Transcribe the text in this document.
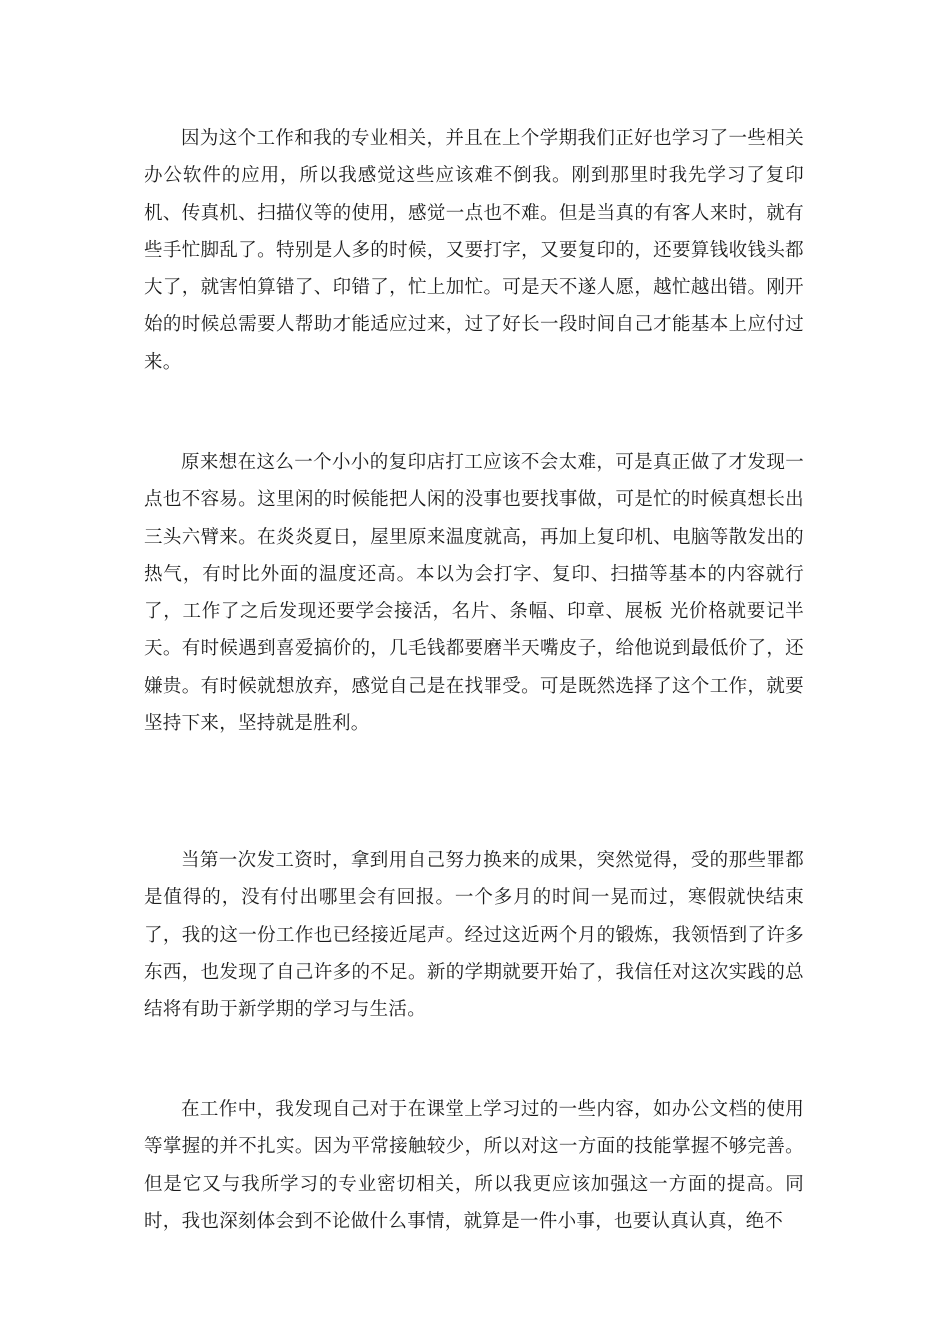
因为这个工作和我的专业相关，并且在上个学期我们正好也学习了一些相关办公软件的应用，所以我感觉这些应该难不倒我。刚到那里时我先学习了复印机、传真机、扫描仪等的使用，感觉一点也不难。但是当真的有客人来时，就有些手忙脚乱了。特别是人多的时候，又要打字，又要复印的，还要算钱收钱头都大了，就害怕算错了、印错了，忙上加忙。可是天不遂人愿，越忙越出错。刚开始的时候总需要人帮助才能适应过来，过了好长一段时间自己才能基本上应付过来。

原来想在这么一个小小的复印店打工应该不会太难，可是真正做了才发现一点也不容易。这里闲的时候能把人闲的没事也要找事做，可是忙的时候真想长出三头六臂来。在炎炎夏日，屋里原来温度就高，再加上复印机、电脑等散发出的热气，有时比外面的温度还高。本以为会打字、复印、扫描等基本的内容就行了，工作了之后发现还要学会接活，名片、条幅、印章、展板 光价格就要记半天。有时候遇到喜爱搞价的，几毛钱都要磨半天嘴皮子，给他说到最低价了，还嫌贵。有时候就想放弃，感觉自己是在找罪受。可是既然选择了这个工作，就要坚持下来，坚持就是胜利。

当第一次发工资时，拿到用自己努力换来的成果，突然觉得，受的那些罪都是值得的，没有付出哪里会有回报。一个多月的时间一晃而过，寒假就快结束了，我的这一份工作也已经接近尾声。经过这近两个月的锻炼，我领悟到了许多东西，也发现了自己许多的不足。新的学期就要开始了，我信任对这次实践的总结将有助于新学期的学习与生活。

在工作中，我发现自己对于在课堂上学习过的一些内容，如办公文档的使用等掌握的并不扎实。因为平常接触较少，所以对这一方面的技能掌握不够完善。但是它又与我所学习的专业密切相关，所以我更应该加强这一方面的提高。同时，我也深刻体会到不论做什么事情，就算是一件小事，也要认真认真，绝不
